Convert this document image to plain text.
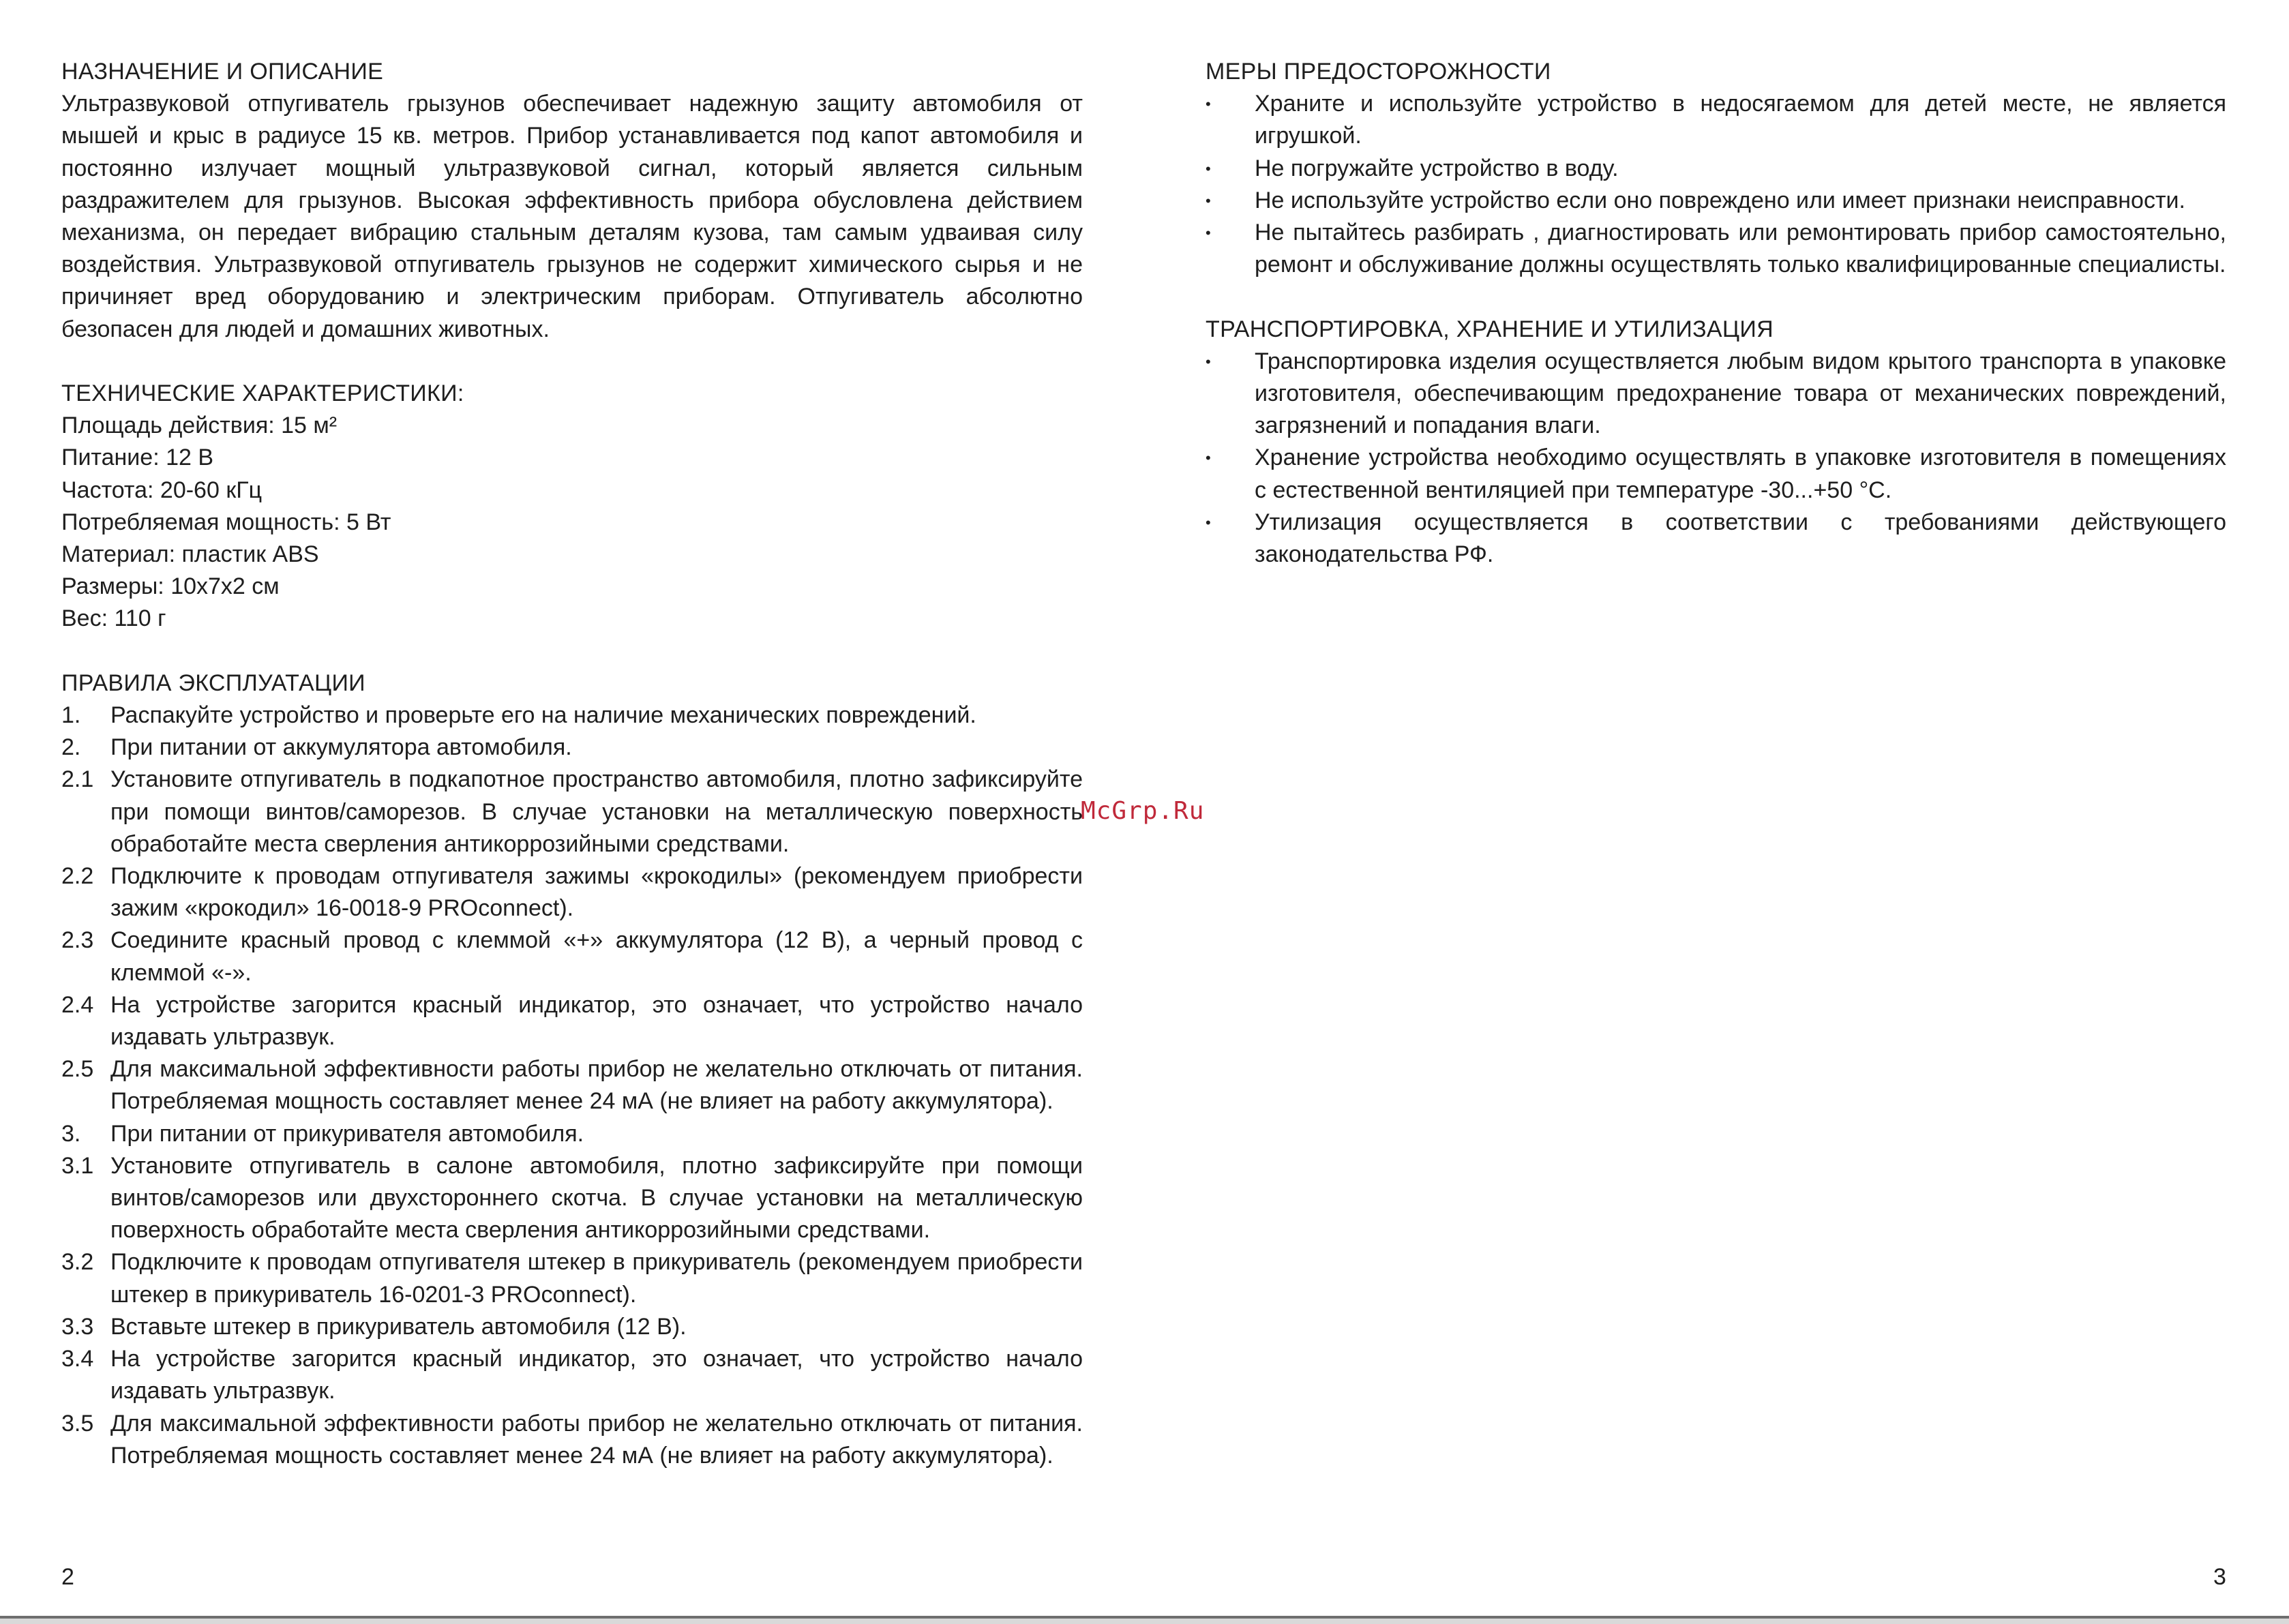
НАЗНАЧЕНИЕ И ОПИСАНИЕ

Ультразвуковой отпугиватель грызунов обеспечивает надежную защиту автомобиля от мышей и крыс в радиусе 15 кв. метров. Прибор устанавливается под капот автомобиля и постоянно излучает мощный ультразвуковой сигнал, который является сильным раздражителем для грызунов. Высокая эффективность прибора обусловлена действием механизма, он передает вибрацию стальным деталям кузова, там самым удваивая силу воздействия. Ультразвуковой отпугиватель грызунов не содержит химического сырья и не причиняет вред оборудованию и электрическим приборам. Отпугиватель абсолютно безопасен для людей и домашних животных.

ТЕХНИЧЕСКИЕ ХАРАКТЕРИСТИКИ:

Площадь действия: 15 м²

Питание: 12 В

Частота: 20-60 кГц

Потребляемая мощность: 5 Вт

Материал: пластик ABS

Размеры: 10х7х2 см

Вес: 110 г

ПРАВИЛА ЭКСПЛУАТАЦИИ
1.	Распакуйте устройство и проверьте его на наличие механических повреждений.
2.	При питании от аккумулятора автомобиля.
2.1 Установите отпугиватель в подкапотное пространство автомобиля, плотно зафиксируйте при помощи винтов/саморезов. В случае установки на металлическую поверхность обработайте места сверления антикоррозийными средствами.
2.2 Подключите к проводам отпугивателя зажимы «крокодилы» (рекомендуем приобрести зажим «крокодил» 16-0018-9 PROconnect).
2.3 Соедините красный провод с клеммой «+» аккумулятора (12 В), а черный провод с клеммой «-».
2.4 На устройстве загорится красный индикатор, это означает, что устройство начало издавать ультразвук.
2.5 Для максимальной эффективности работы прибор не желательно отключать от питания. Потребляемая мощность составляет менее 24 мА (не влияет на работу аккумулятора).
3.	При питании от прикуривателя автомобиля.
3.1 Установите отпугиватель в салоне автомобиля, плотно зафиксируйте при помощи винтов/саморезов или двухстороннего скотча. В случае установки на металлическую поверхность обработайте места сверления антикоррозийными средствами.
3.2 Подключите к проводам отпугивателя штекер в прикуриватель (рекомендуем приобрести штекер в прикуриватель 16-0201-3 PROconnect).
3.3 Вставьте штекер в прикуриватель автомобиля (12 В).
3.4 На устройстве загорится красный индикатор, это означает, что устройство начало издавать ультразвук.
3.5 Для максимальной эффективности работы прибор не желательно отключать от питания. Потребляемая мощность составляет менее 24 мА (не влияет на работу аккумулятора).
МЕРЫ ПРЕДОСТОРОЖНОСТИ
•	Храните и используйте устройство в недосягаемом для детей месте, не является игрушкой.
•	Не погружайте устройство в воду.
•	Не используйте устройство если оно повреждено или имеет признаки неисправности.
•	Не пытайтесь разбирать , диагностировать или ремонтировать прибор самостоятельно, ремонт и обслуживание должны осуществлять только квалифицированные специалисты.
ТРАНСПОРТИРОВКА, ХРАНЕНИЕ И УТИЛИЗАЦИЯ
•	Транспортировка изделия осуществляется любым видом крытого транспорта в упаковке изготовителя, обеспечивающим предохранение товара от механических повреждений, загрязнений и попадания влаги.
•	Хранение устройства необходимо осуществлять в упаковке изготовителя в помещениях с естественной вентиляцией при температуре -30...+50 °С.
•	Утилизация осуществляется в соответствии с требованиями действующего законодательства РФ.
McGrp.Ru
2	3
